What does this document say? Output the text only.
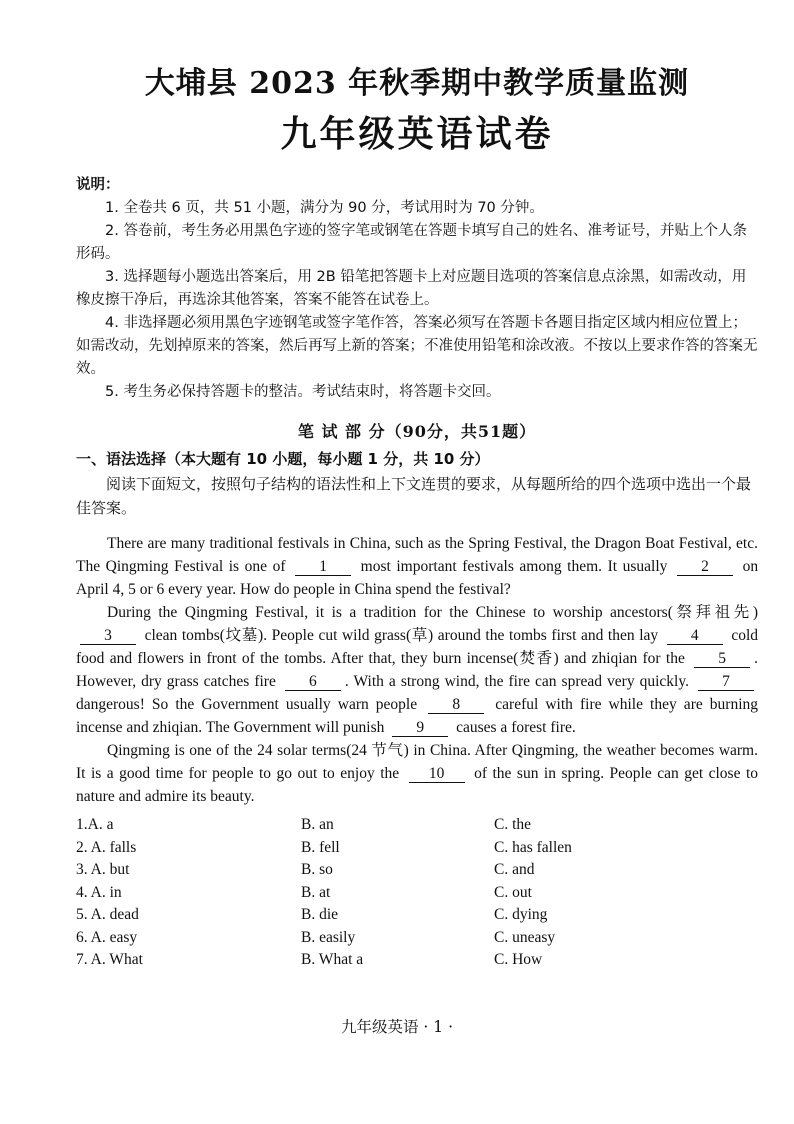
大埔县 2023 年秋季期中教学质量监测
九年级英语试卷
说明：

1. 全卷共 6 页，共 51 小题，满分为 90 分，考试用时为 70 分钟。

2. 答卷前，考生务必用黑色字迹的签字笔或钢笔在答题卡填写自己的姓名、准考证号，并贴上个人条形码。

3. 选择题每小题选出答案后，用 2B 铅笔把答题卡上对应题目选项的答案信息点涂黑，如需改动，用橡皮擦干净后，再选涂其他答案，答案不能答在试卷上。

4. 非选择题必须用黑色字迹钢笔或签字笔作答，答案必须写在答题卡各题目指定区域内相应位置上；如需改动，先划掉原来的答案，然后再写上新的答案；不准使用铅笔和涂改液。不按以上要求作答的答案无效。

5. 考生务必保持答题卡的整洁。考试结束时，将答题卡交回。

笔 试 部 分（90分，共51题）
一、语法选择（本大题有 10 小题，每小题 1 分，共 10 分）

阅读下面短文，按照句子结构的语法性和上下文连贯的要求，从每题所给的四个选项中选出一个最佳答案。

There are many traditional festivals in China, such as the Spring Festival, the Dragon Boat Festival, etc. The Qingming Festival is one of 1 most important festivals among them. It usually 2 on April 4, 5 or 6 every year. How do people in China spend the festival?

During the Qingming Festival, it is a tradition for the Chinese to worship ancestors(祭拜祖先) 3 clean tombs(坟墓). People cut wild grass(草) around the tombs first and then lay 4 cold food and flowers in front of the tombs. After that, they burn incense(焚香) and zhiqian for the 5 . However, dry grass catches fire 6 . With a strong wind, the fire can spread very quickly. 7 dangerous! So the Government usually warn people 8 careful with fire while they are burning incense and zhiqian. The Government will punish 9 causes a forest fire.

Qingming is one of the 24 solar terms(24 节气) in China. After Qingming, the weather becomes warm. It is a good time for people to go out to enjoy the 10 of the sun in spring. People can get close to nature and admire its beauty.

1.A. a	B. an	C. the
2. A. falls	B. fell	C. has fallen
3. A. but	B. so	C. and
4. A. in	B. at	C. out
5. A. dead	B. die	C. dying
6. A. easy	B. easily	C. uneasy
7. A. What	B. What a	C. How
九年级英语 · 1 ·
